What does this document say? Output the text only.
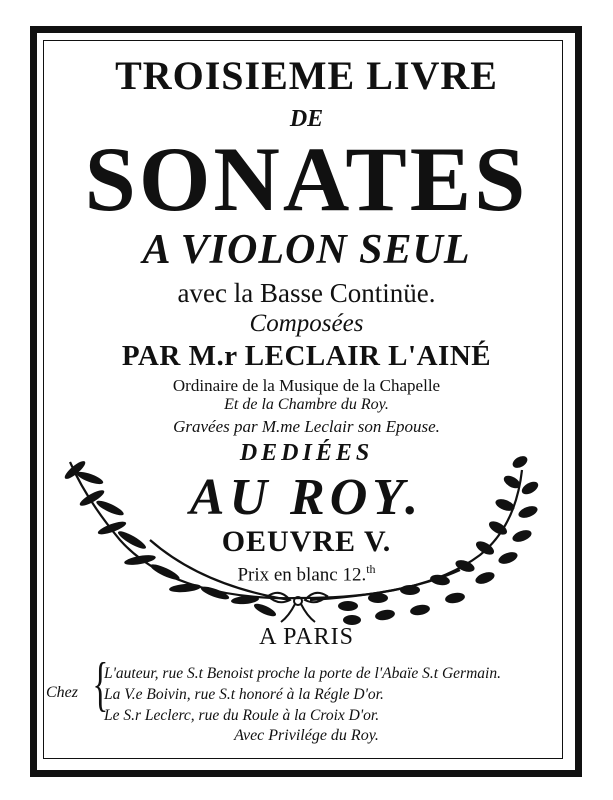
TROISIEME LIVRE
DE
SONATES
A VIOLON SEUL
avec la Basse Continüe.
Composées
PAR M.r LECLAIR L'AINÉ
Ordinaire de la Musique de la Chapelle
Et de la Chambre du Roy.
Gravées par M.me Leclair son Epouse.
DEDIÉES
AU ROY.
OEUVRE V.
Prix en blanc 12.$^{th}$
A PARIS
Chez {
L'auteur, rue S.t Benoist proche la porte de l'Abaïe S.t Germain.
La V.e Boivin, rue S.t honoré à la Régle D'or.
Le S.r Leclerc, rue du Roule à la Croix D'or.
Avec Privilége du Roy.
